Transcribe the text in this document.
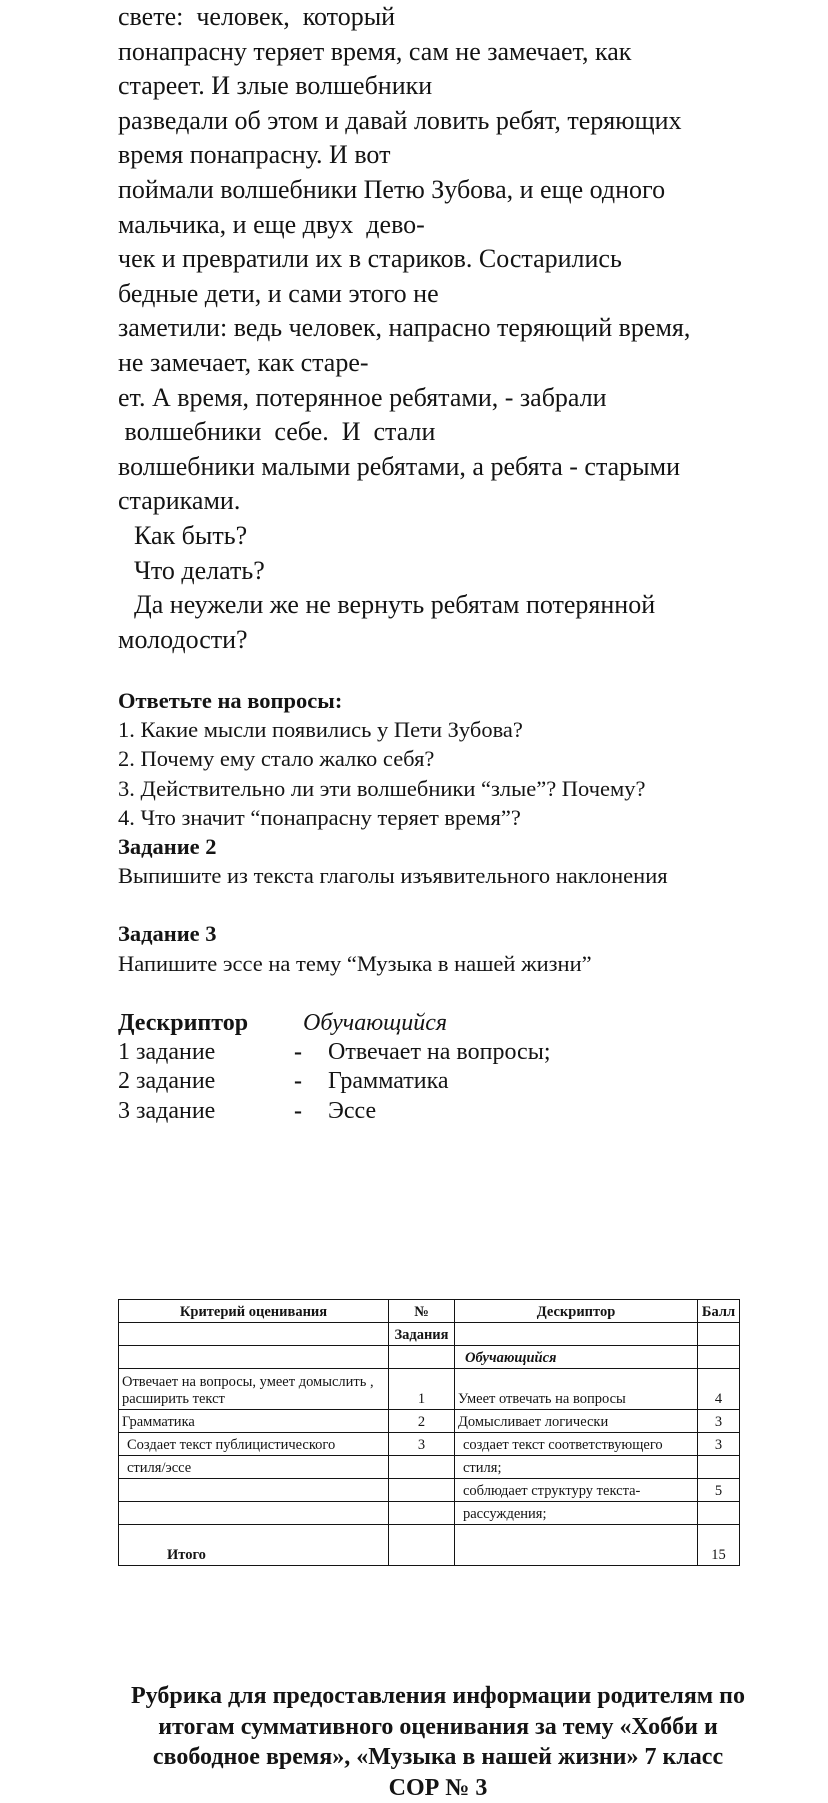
свете:  человек,  который
понапрасну теряет время, сам не замечает, как
стареет. И злые волшебники
разведали об этом и давай ловить ребят, теряющих
время понапрасну. И вот
поймали волшебники Петю Зубова, и еще одного
мальчика, и еще двух  дево-
чек и превратили их в стариков. Состарились
бедные дети, и сами этого не
заметили: ведь человек, напрасно теряющий время,
не замечает, как старе-
ет. А время, потерянное ребятами, - забрали
волшебники  себе.  И  стали
волшебники малыми ребятами, а ребята - старыми
стариками.
Как быть?
Что делать?
Да неужели же не вернуть ребятам потерянной
молодости?
Ответьте на вопросы:
1. Какие мысли появились у Пети Зубова?
2. Почему ему стало жалко себя?
3. Действительно ли эти волшебники “злые”? Почему?
4. Что значит “понапрасну теряет время”?
Задание 2
Выпишите из текста глаголы изъявительного наклонения
Задание 3
Напишите эссе на тему “Музыка в нашей жизни”
Дескриптор	Обучающийся
1 задание	-	Отвечает на вопросы;
2 задание	-	Грамматика
3 задание	-	Эссе
Критерий оценивания	№	Дескриптор	Балл
	Задания		
		Обучающийся	
Отвечает на вопросы, умеет домыслить , расширить текст	1	Умеет отвечать на вопросы	4
Грамматика	2	Домысливает логически	3
Создает текст публицистического	3	создает текст соответствующего	3
стиля/эссе		стиля;	
		соблюдает структуру текста-	5
		рассуждения;	
Итого			15
Рубрика для предоставления информации родителям по
итогам суммативного оценивания за тему «Хобби и
свободное время», «Музыка в нашей жизни» 7 класс
СОР № 3
